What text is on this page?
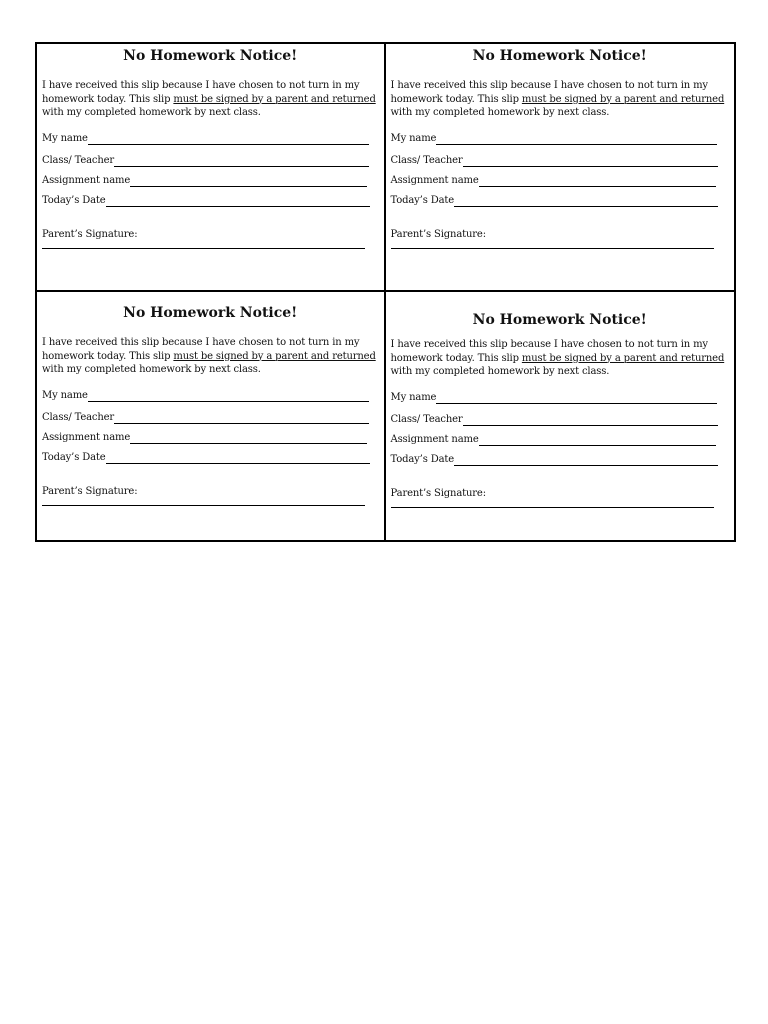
No Homework Notice!
I have received this slip because I have chosen to not turn in my
homework today. This slip must be signed by a parent and returned
with my completed homework by next class.
My name
Class/ Teacher
Assignment name
Today’s Date
Parent’s Signature:
No Homework Notice!
I have received this slip because I have chosen to not turn in my
homework today. This slip must be signed by a parent and returned
with my completed homework by next class.
My name
Class/ Teacher
Assignment name
Today’s Date
Parent’s Signature:
No Homework Notice!
I have received this slip because I have chosen to not turn in my
homework today. This slip must be signed by a parent and returned
with my completed homework by next class.
My name
Class/ Teacher
Assignment name
Today’s Date
Parent’s Signature:
No Homework Notice!
I have received this slip because I have chosen to not turn in my
homework today. This slip must be signed by a parent and returned
with my completed homework by next class.
My name
Class/ Teacher
Assignment name
Today’s Date
Parent’s Signature:
